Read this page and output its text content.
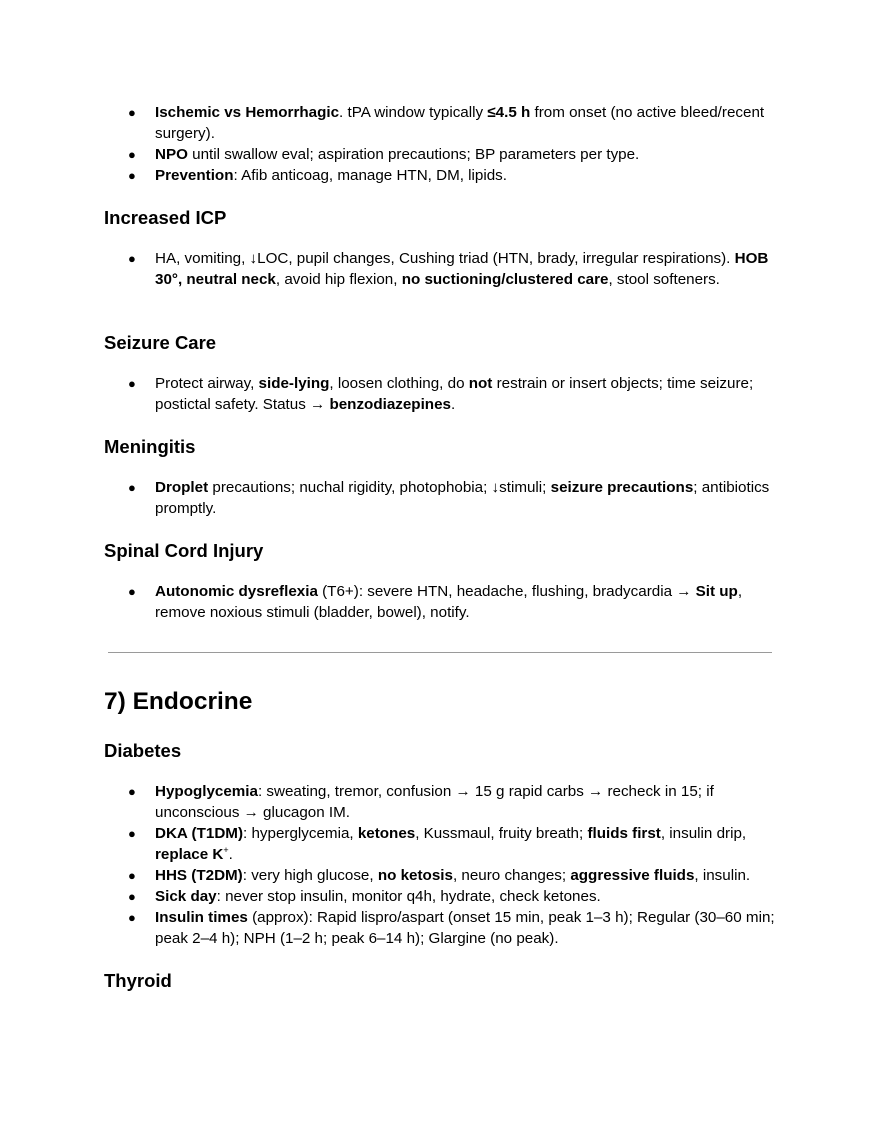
● Ischemic vs Hemorrhagic. tPA window typically ≤4.5 h from onset (no active bleed/recent surgery).
● NPO until swallow eval; aspiration precautions; BP parameters per type.
● Prevention: Afib anticoag, manage HTN, DM, lipids.
Increased ICP
● HA, vomiting, ↓LOC, pupil changes, Cushing triad (HTN, brady, irregular respirations). HOB 30°, neutral neck, avoid hip flexion, no suctioning/clustered care, stool softeners.
Seizure Care
● Protect airway, side-lying, loosen clothing, do not restrain or insert objects; time seizure; postictal safety. Status → benzodiazepines.
Meningitis
● Droplet precautions; nuchal rigidity, photophobia; ↓stimuli; seizure precautions; antibiotics promptly.
Spinal Cord Injury
● Autonomic dysreflexia (T6+): severe HTN, headache, flushing, bradycardia → Sit up, remove noxious stimuli (bladder, bowel), notify.
7) Endocrine
Diabetes
● Hypoglycemia: sweating, tremor, confusion → 15 g rapid carbs → recheck in 15; if unconscious → glucagon IM.
● DKA (T1DM): hyperglycemia, ketones, Kussmaul, fruity breath; fluids first, insulin drip, replace K+.
● HHS (T2DM): very high glucose, no ketosis, neuro changes; aggressive fluids, insulin.
● Sick day: never stop insulin, monitor q4h, hydrate, check ketones.
● Insulin times (approx): Rapid lispro/aspart (onset 15 min, peak 1–3 h); Regular (30–60 min; peak 2–4 h); NPH (1–2 h; peak 6–14 h); Glargine (no peak).
Thyroid
